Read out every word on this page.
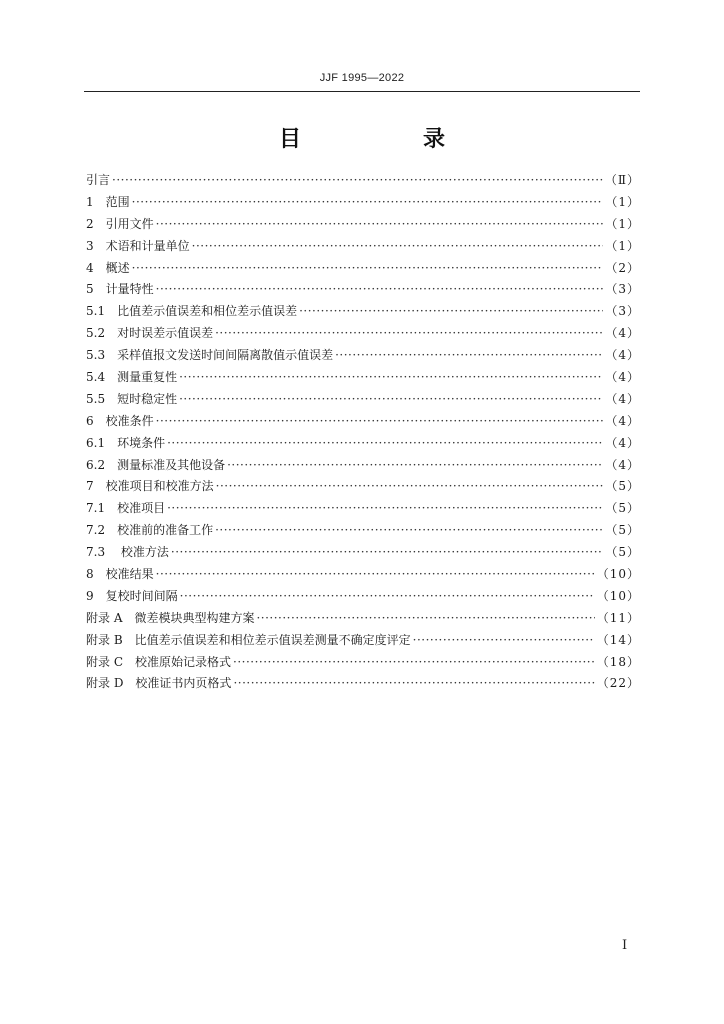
JJF 1995—2022
目　录
引言 ·····	（Ⅱ）
1　范围 ·····	（1）
2　引用文件 ·····	（1）
3　术语和计量单位 ·····	（1）
4　概述 ·····	（2）
5　计量特性 ·····	（3）
5.1　比值差示值误差和相位差示值误差 ·····	（3）
5.2　对时误差示值误差 ·····	（4）
5.3　采样值报文发送时间间隔离散值示值误差 ·····	（4）
5.4　测量重复性 ·····	（4）
5.5　短时稳定性 ·····	（4）
6　校准条件 ·····	（4）
6.1　环境条件 ·····	（4）
6.2　测量标准及其他设备 ·····	（4）
7　校准项目和校准方法 ·····	（5）
7.1　校准项目 ·····	（5）
7.2　校准前的准备工作 ·····	（5）
7.3　 校准方法 ·····	（5）
8　校准结果 ·····	（10）
9　复校时间间隔 ·····	（10）
附录 A　微差模块典型构建方案 ·····	（11）
附录 B　比值差示值误差和相位差示值误差测量不确定度评定 ·····	（14）
附录 C　校准原始记录格式 ·····	（18）
附录 D　校准证书内页格式 ·····	（22）
Ⅰ
